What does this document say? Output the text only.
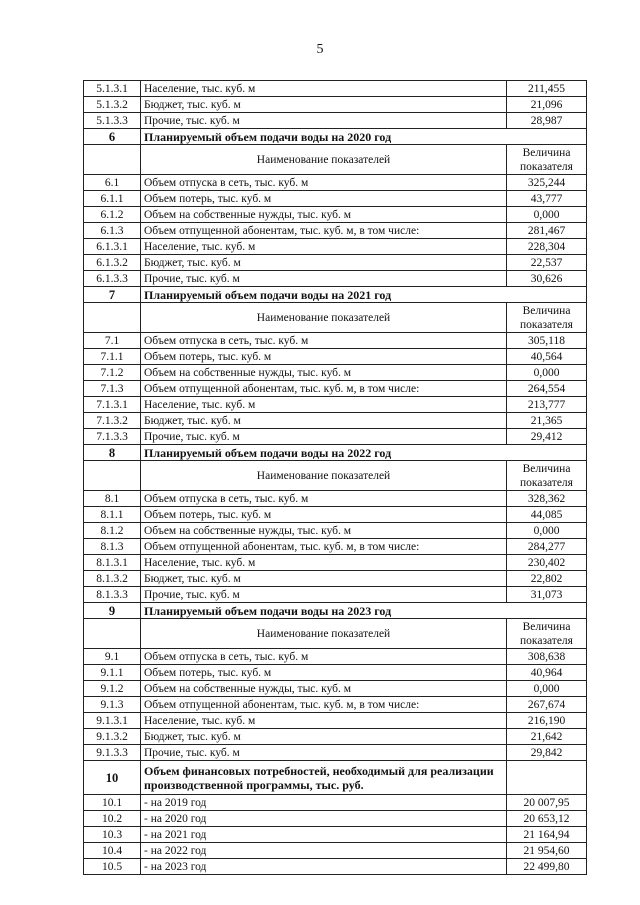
5
5.1.3.1	Население, тыс. куб. м	211,455
5.1.3.2	Бюджет, тыс. куб. м	21,096
5.1.3.3	Прочие, тыс. куб. м	28,987
6	Планируемый объем подачи воды на 2020 год	
	Наименование показателей	Величина показателя
6.1	Объем отпуска в сеть, тыс. куб. м	325,244
6.1.1	Объем потерь, тыс. куб. м	43,777
6.1.2	Объем на собственные нужды, тыс. куб. м	0,000
6.1.3	Объем отпущенной абонентам, тыс. куб. м, в том числе:	281,467
6.1.3.1	Население, тыс. куб. м	228,304
6.1.3.2	Бюджет, тыс. куб. м	22,537
6.1.3.3	Прочие, тыс. куб. м	30,626
7	Планируемый объем подачи воды на 2021 год	
	Наименование показателей	Величина показателя
7.1	Объем отпуска в сеть, тыс. куб. м	305,118
7.1.1	Объем потерь, тыс. куб. м	40,564
7.1.2	Объем на собственные нужды, тыс. куб. м	0,000
7.1.3	Объем отпущенной абонентам, тыс. куб. м, в том числе:	264,554
7.1.3.1	Население, тыс. куб. м	213,777
7.1.3.2	Бюджет, тыс. куб. м	21,365
7.1.3.3	Прочие, тыс. куб. м	29,412
8	Планируемый объем подачи воды на 2022 год	
	Наименование показателей	Величина показателя
8.1	Объем отпуска в сеть, тыс. куб. м	328,362
8.1.1	Объем потерь, тыс. куб. м	44,085
8.1.2	Объем на собственные нужды, тыс. куб. м	0,000
8.1.3	Объем отпущенной абонентам, тыс. куб. м, в том числе:	284,277
8.1.3.1	Население, тыс. куб. м	230,402
8.1.3.2	Бюджет, тыс. куб. м	22,802
8.1.3.3	Прочие, тыс. куб. м	31,073
9	Планируемый объем подачи воды на 2023 год	
	Наименование показателей	Величина показателя
9.1	Объем отпуска в сеть, тыс. куб. м	308,638
9.1.1	Объем потерь, тыс. куб. м	40,964
9.1.2	Объем на собственные нужды, тыс. куб. м	0,000
9.1.3	Объем отпущенной абонентам, тыс. куб. м, в том числе:	267,674
9.1.3.1	Население, тыс. куб. м	216,190
9.1.3.2	Бюджет, тыс. куб. м	21,642
9.1.3.3	Прочие, тыс. куб. м	29,842
10	Объем финансовых потребностей, необходимый для реализации производственной программы, тыс. руб.	
10.1	- на 2019 год	20 007,95
10.2	- на 2020 год	20 653,12
10.3	- на 2021 год	21 164,94
10.4	- на 2022 год	21 954,60
10.5	- на 2023 год	22 499,80
